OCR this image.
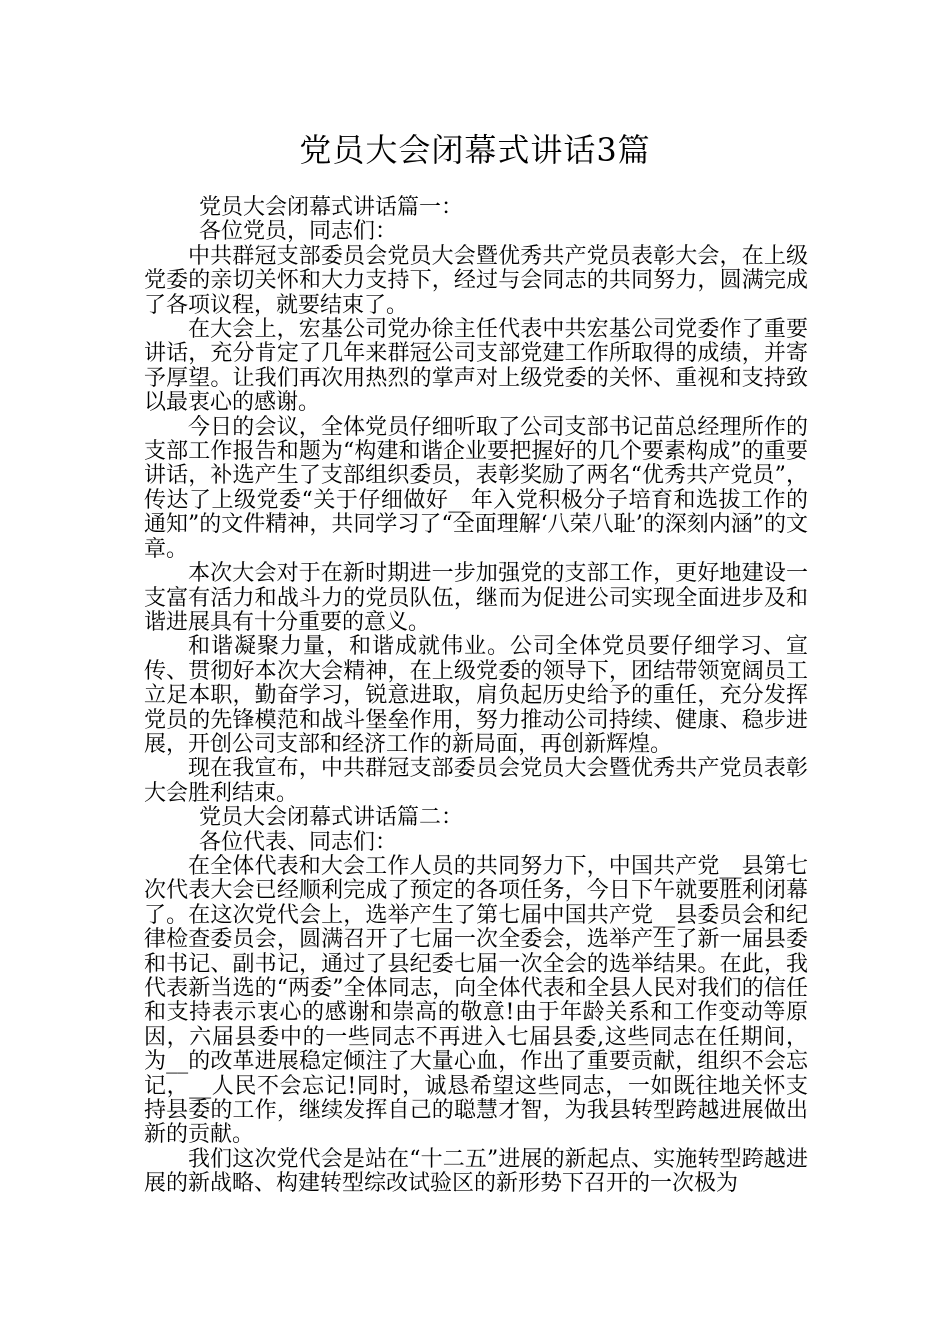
党员大会闭幕式讲话3篇

党员大会闭幕式讲话篇一：

各位党员，同志们：

中共群冠支部委员会党员大会暨优秀共产党员表彰大会，在上级党委的亲切关怀和大力支持下，经过与会同志的共同努力，圆满完成了各项议程，就要结束了。

在大会上，宏基公司党办徐主任代表中共宏基公司党委作了重要讲话，充分肯定了几年来群冠公司支部党建工作所取得的成绩，并寄予厚望。让我们再次用热烈的掌声对上级党委的关怀、重视和支持致以最衷心的感谢。

今日的会议，全体党员仔细听取了公司支部书记苗总经理所作的支部工作报告和题为“构建和谐企业要把握好的几个要素构成”的重要讲话，补选产生了支部组织委员，表彰奖励了两名“优秀共产党员”，传达了上级党委“关于仔细做好__年入党积极分子培育和选拔工作的通知”的文件精神，共同学习了“全面理解‘八荣八耻’的深刻内涵”的文章。

本次大会对于在新时期进一步加强党的支部工作，更好地建设一支富有活力和战斗力的党员队伍，继而为促进公司实现全面进步及和谐进展具有十分重要的意义。

和谐凝聚力量，和谐成就伟业。公司全体党员要仔细学习、宣传、贯彻好本次大会精神，在上级党委的领导下，团结带领宽阔员工立足本职，勤奋学习，锐意进取，肩负起历史给予的重任，充分发挥党员的先锋模范和战斗堡垒作用，努力推动公司持续、健康、稳步进展，开创公司支部和经济工作的新局面，再创新辉煌。

现在我宣布，中共群冠支部委员会党员大会暨优秀共产党员表彰大会胜利结束。

党员大会闭幕式讲话篇二：

各位代表、同志们：

在全体代表和大会工作人员的共同努力下，中国共产党__县第七次代表大会已经顺利完成了预定的各项任务，今日下午就要胜利闭幕了。在这次党代会上，选举产生了第七届中国共产党__县委员会和纪律检查委员会，圆满召开了七届一次全委会，选举产生了新一届县委和书记、副书记，通过了县纪委七届一次全会的选举结果。在此，我代表新当选的“两委”全体同志，向全体代表和全县人民对我们的信任和支持表示衷心的感谢和崇高的敬意!由于年龄关系和工作变动等原因，六届县委中的一些同志不再进入七届县委,这些同志在任期间，为__的改革进展稳定倾注了大量心血，作出了重要贡献，组织不会忘记，__人民不会忘记!同时，诚恳希望这些同志，一如既往地关怀支持县委的工作，继续发挥自己的聪慧才智，为我县转型跨越进展做出新的贡献。

我们这次党代会是站在“十二五”进展的新起点、实施转型跨越进展的新战略、构建转型综改试验区的新形势下召开的一次极为
